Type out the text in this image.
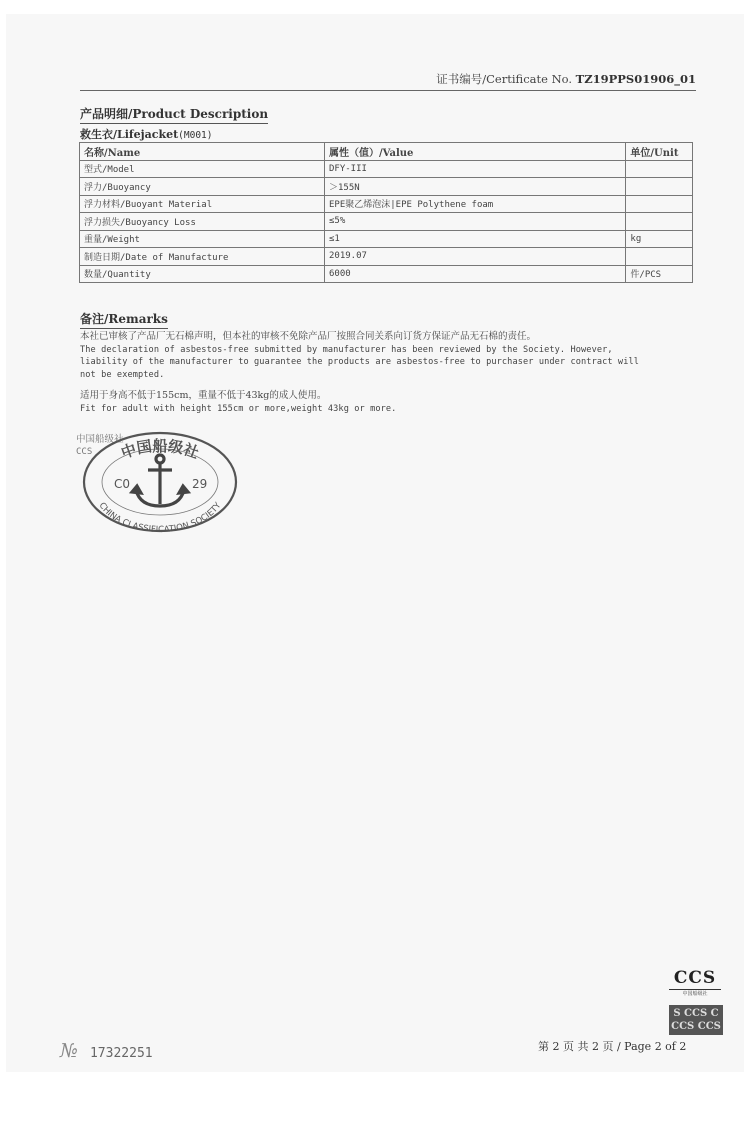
证书编号/Certificate No. TZ19PPS01906_01
产品明细/Product Description
救生衣/Lifejacket(M001)
名称/Name	属性（值）/Value	单位/Unit
型式/Model	DFY-III	
浮力/Buoyancy	＞155N	
浮力材料/Buoyant Material	EPE聚乙烯泡沫|EPE Polythene foam	
浮力损失/Buoyancy Loss	≤5%	
重量/Weight	≤1	kg
制造日期/Date of Manufacture	2019.07	
数量/Quantity	6000	件/PCS
备注/Remarks
本社已审核了产品厂无石棉声明，但本社的审核不免除产品厂按照合同关系向订货方保证产品无石棉的责任。
The declaration of asbestos-free submitted by manufacturer has been reviewed by the Society. However,
liability of the manufacturer to guarantee the products are asbestos-free to purchaser under contract will
not be exempted.
适用于身高不低于155cm，重量不低于43kg的成人使用。
Fit for adult with height 155cm or more,weight 43kg or more.
中国船级社
CCS	中国船级社
CHINA CLASSIFICATION SOCIETY
C0	29
CCS
中国船级社
S CCS C
CCS CCS
№ 17322251	第 2 页 共 2 页 / Page 2 of 2
